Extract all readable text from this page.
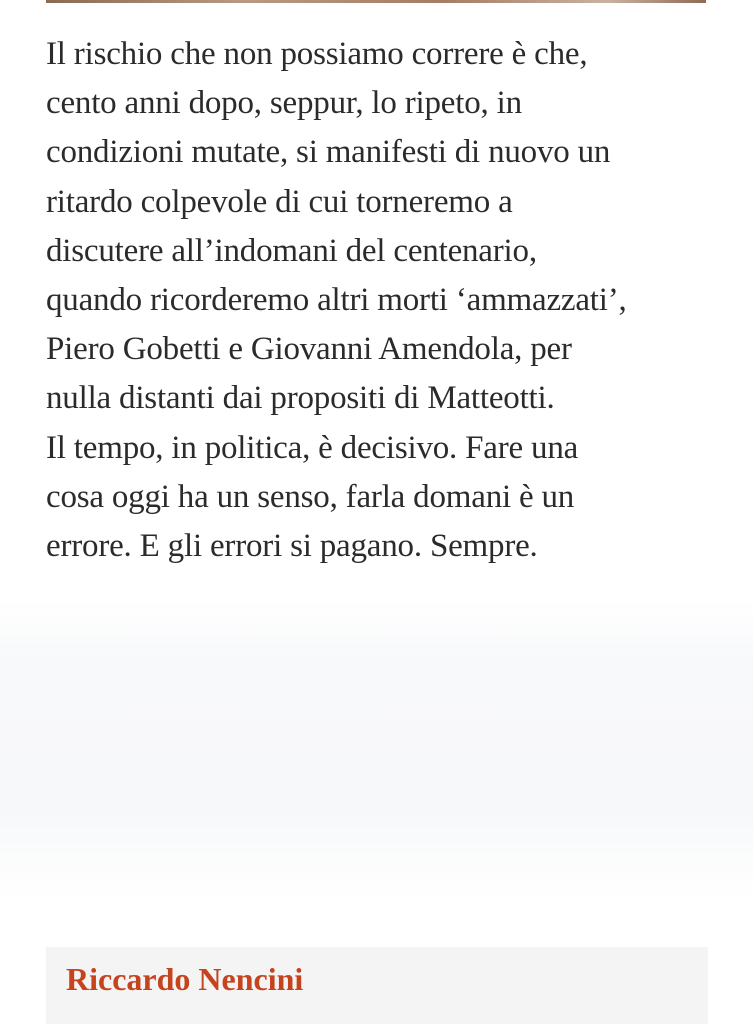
Il rischio che non possiamo correre è che,
cento anni dopo, seppur, lo ripeto, in
condizioni mutate, si manifesti di nuovo un
ritardo colpevole di cui torneremo a
discutere all’indomani del centenario,
quando ricorderemo altri morti ‘ammazzati’,
Piero Gobetti e Giovanni Amendola, per
nulla distanti dai propositi di Matteotti.
Il tempo, in politica, è decisivo. Fare una
cosa oggi ha un senso, farla domani è un
errore. E gli errori si pagano. Sempre.
Riccardo Nencini
